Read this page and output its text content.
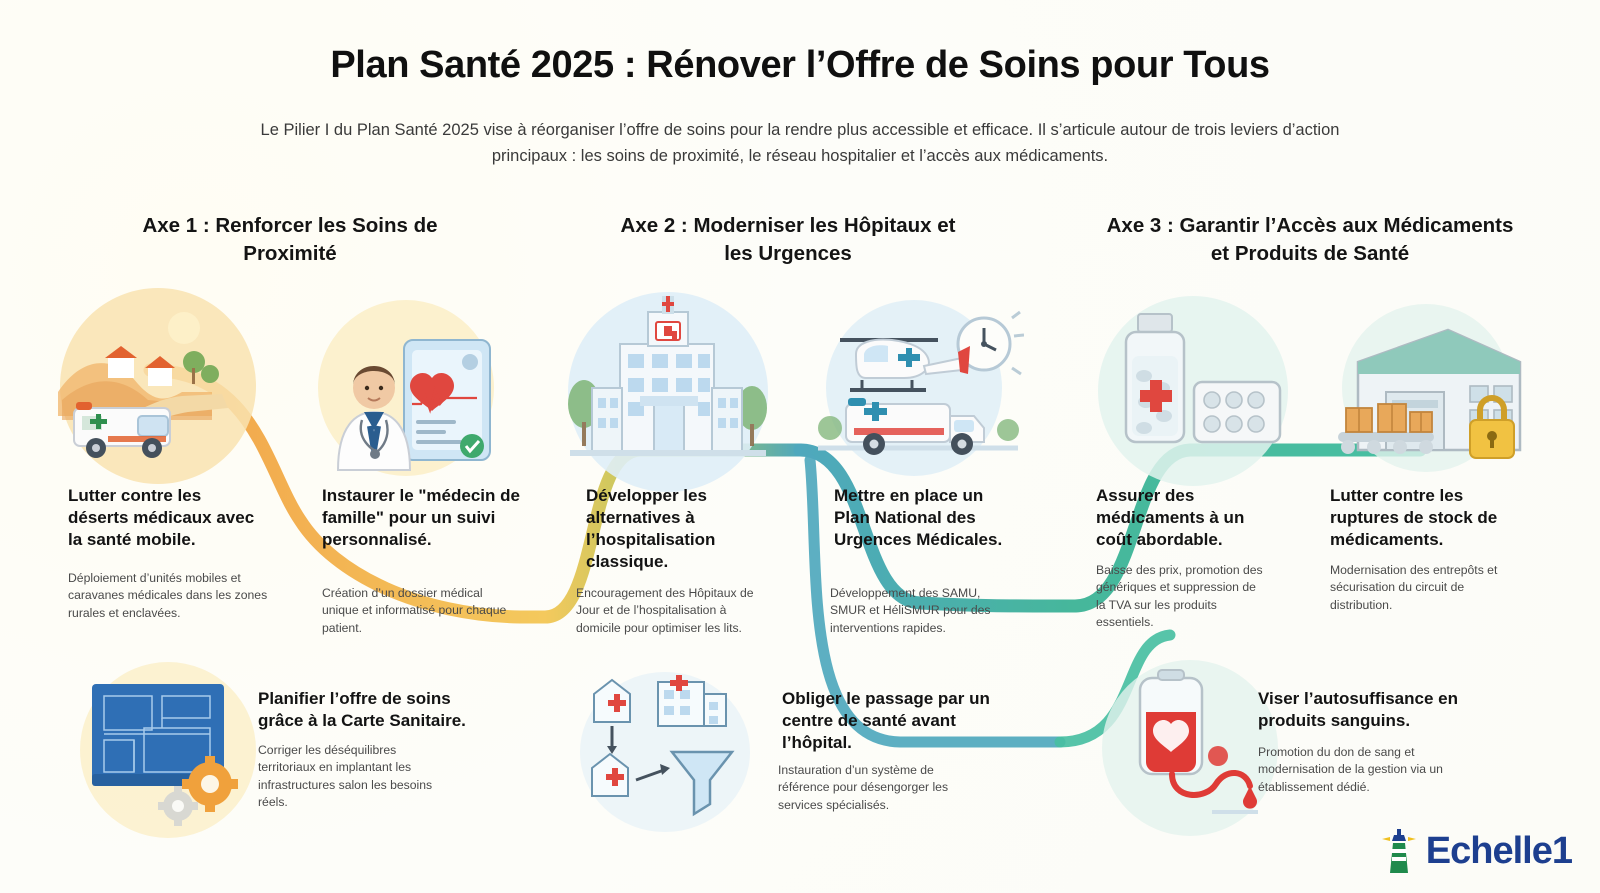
Plan Santé 2025 : Rénover l’Offre de Soins pour Tous
Le Pilier I du Plan Santé 2025 vise à réorganiser l’offre de soins pour la rendre plus accessible et efficace. Il s’articule autour de trois leviers d’action principaux : les soins de proximité, le réseau hospitalier et l’accès aux médicaments.
Axe 1 : Renforcer les Soins de Proximité
Axe 2 : Moderniser les Hôpitaux et les Urgences
Axe 3 : Garantir l’Accès aux Médicaments et Produits de Santé
Lutter contre les déserts médicaux avec la santé mobile.
Déploiement d’unités mobiles et caravanes médicales dans les zones rurales et enclavées.
Instaurer le "médecin de famille" pour un suivi personnalisé.
Création d’un dossier médical unique et informatisé pour chaque patient.
Planifier l’offre de soins grâce à la Carte Sanitaire.
Corriger les déséquilibres territoriaux en implantant les infrastructures salon les besoins réels.
Développer les alternatives à l’hospitalisation classique.
Encouragement des Hôpitaux de Jour et de l’hospitalisation à domicile pour optimiser les lits.
Mettre en place un Plan National des Urgences Médicales.
Développement des SAMU, SMUR et HéliSMUR pour des interventions rapides.
Obliger le passage par un centre de santé avant l’hôpital.
Instauration d’un système de référence pour désengorger les services spécialisés.
Assurer des médicaments à un coût abordable.
Baisse des prix, promotion des génériques et suppression de la TVA sur les produits essentiels.
Lutter contre les ruptures de stock de médicaments.
Modernisation des entrepôts et sécurisation du circuit de distribution.
Viser l’autosuffisance en produits sanguins.
Promotion du don de sang et modernisation de la gestion via un établissement dédié.
Echelle1
